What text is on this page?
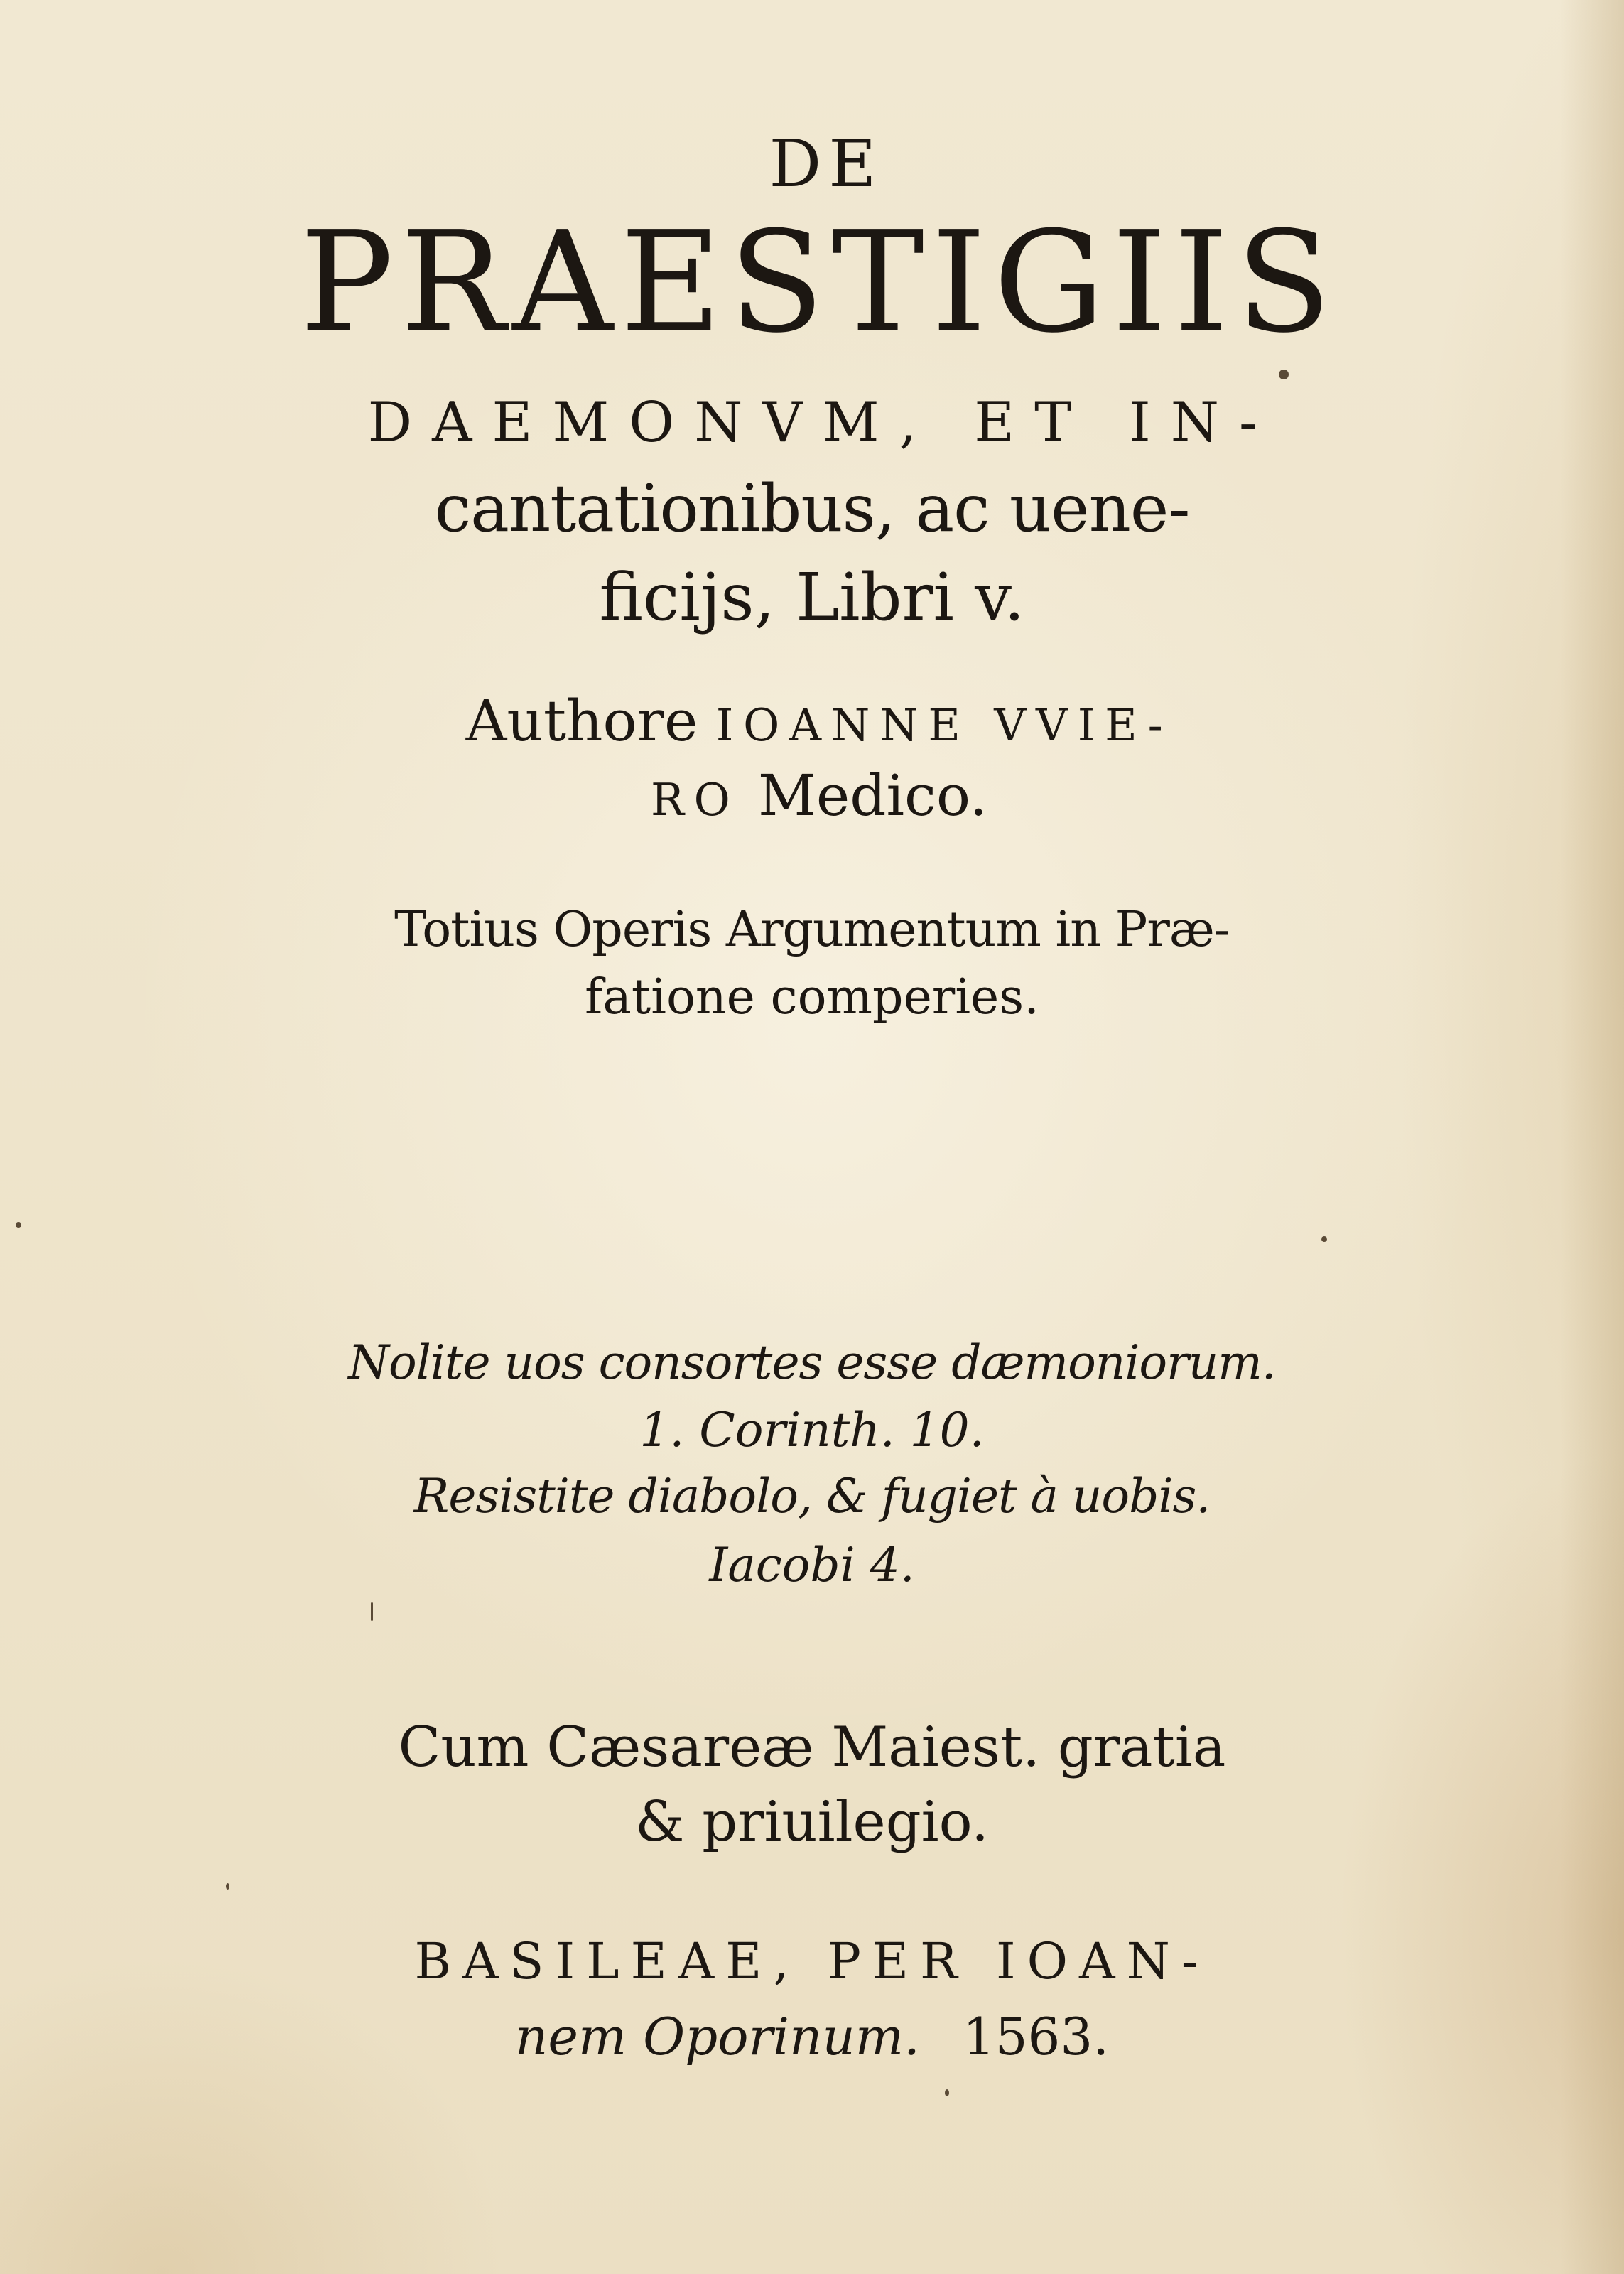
DE

PRAESTIGIIS

DAEMONVM, ET IN-

cantationibus, ac uene-

ficijs, Libri v.

Authore IOANNE VVIE-

RO Medico.

Totius Operis Argumentum in Præ-

fatione comperies.

Nolite uos consortes esse dæmoniorum.

1. Corinth. 10.

Resistite diabolo, & fugiet à uobis.

Iacobi 4.

Cum Cæsareæ Maiest. gratia

& priuilegio.

BASILEAE, PER IOAN-

nem Oporinum. 1563.
